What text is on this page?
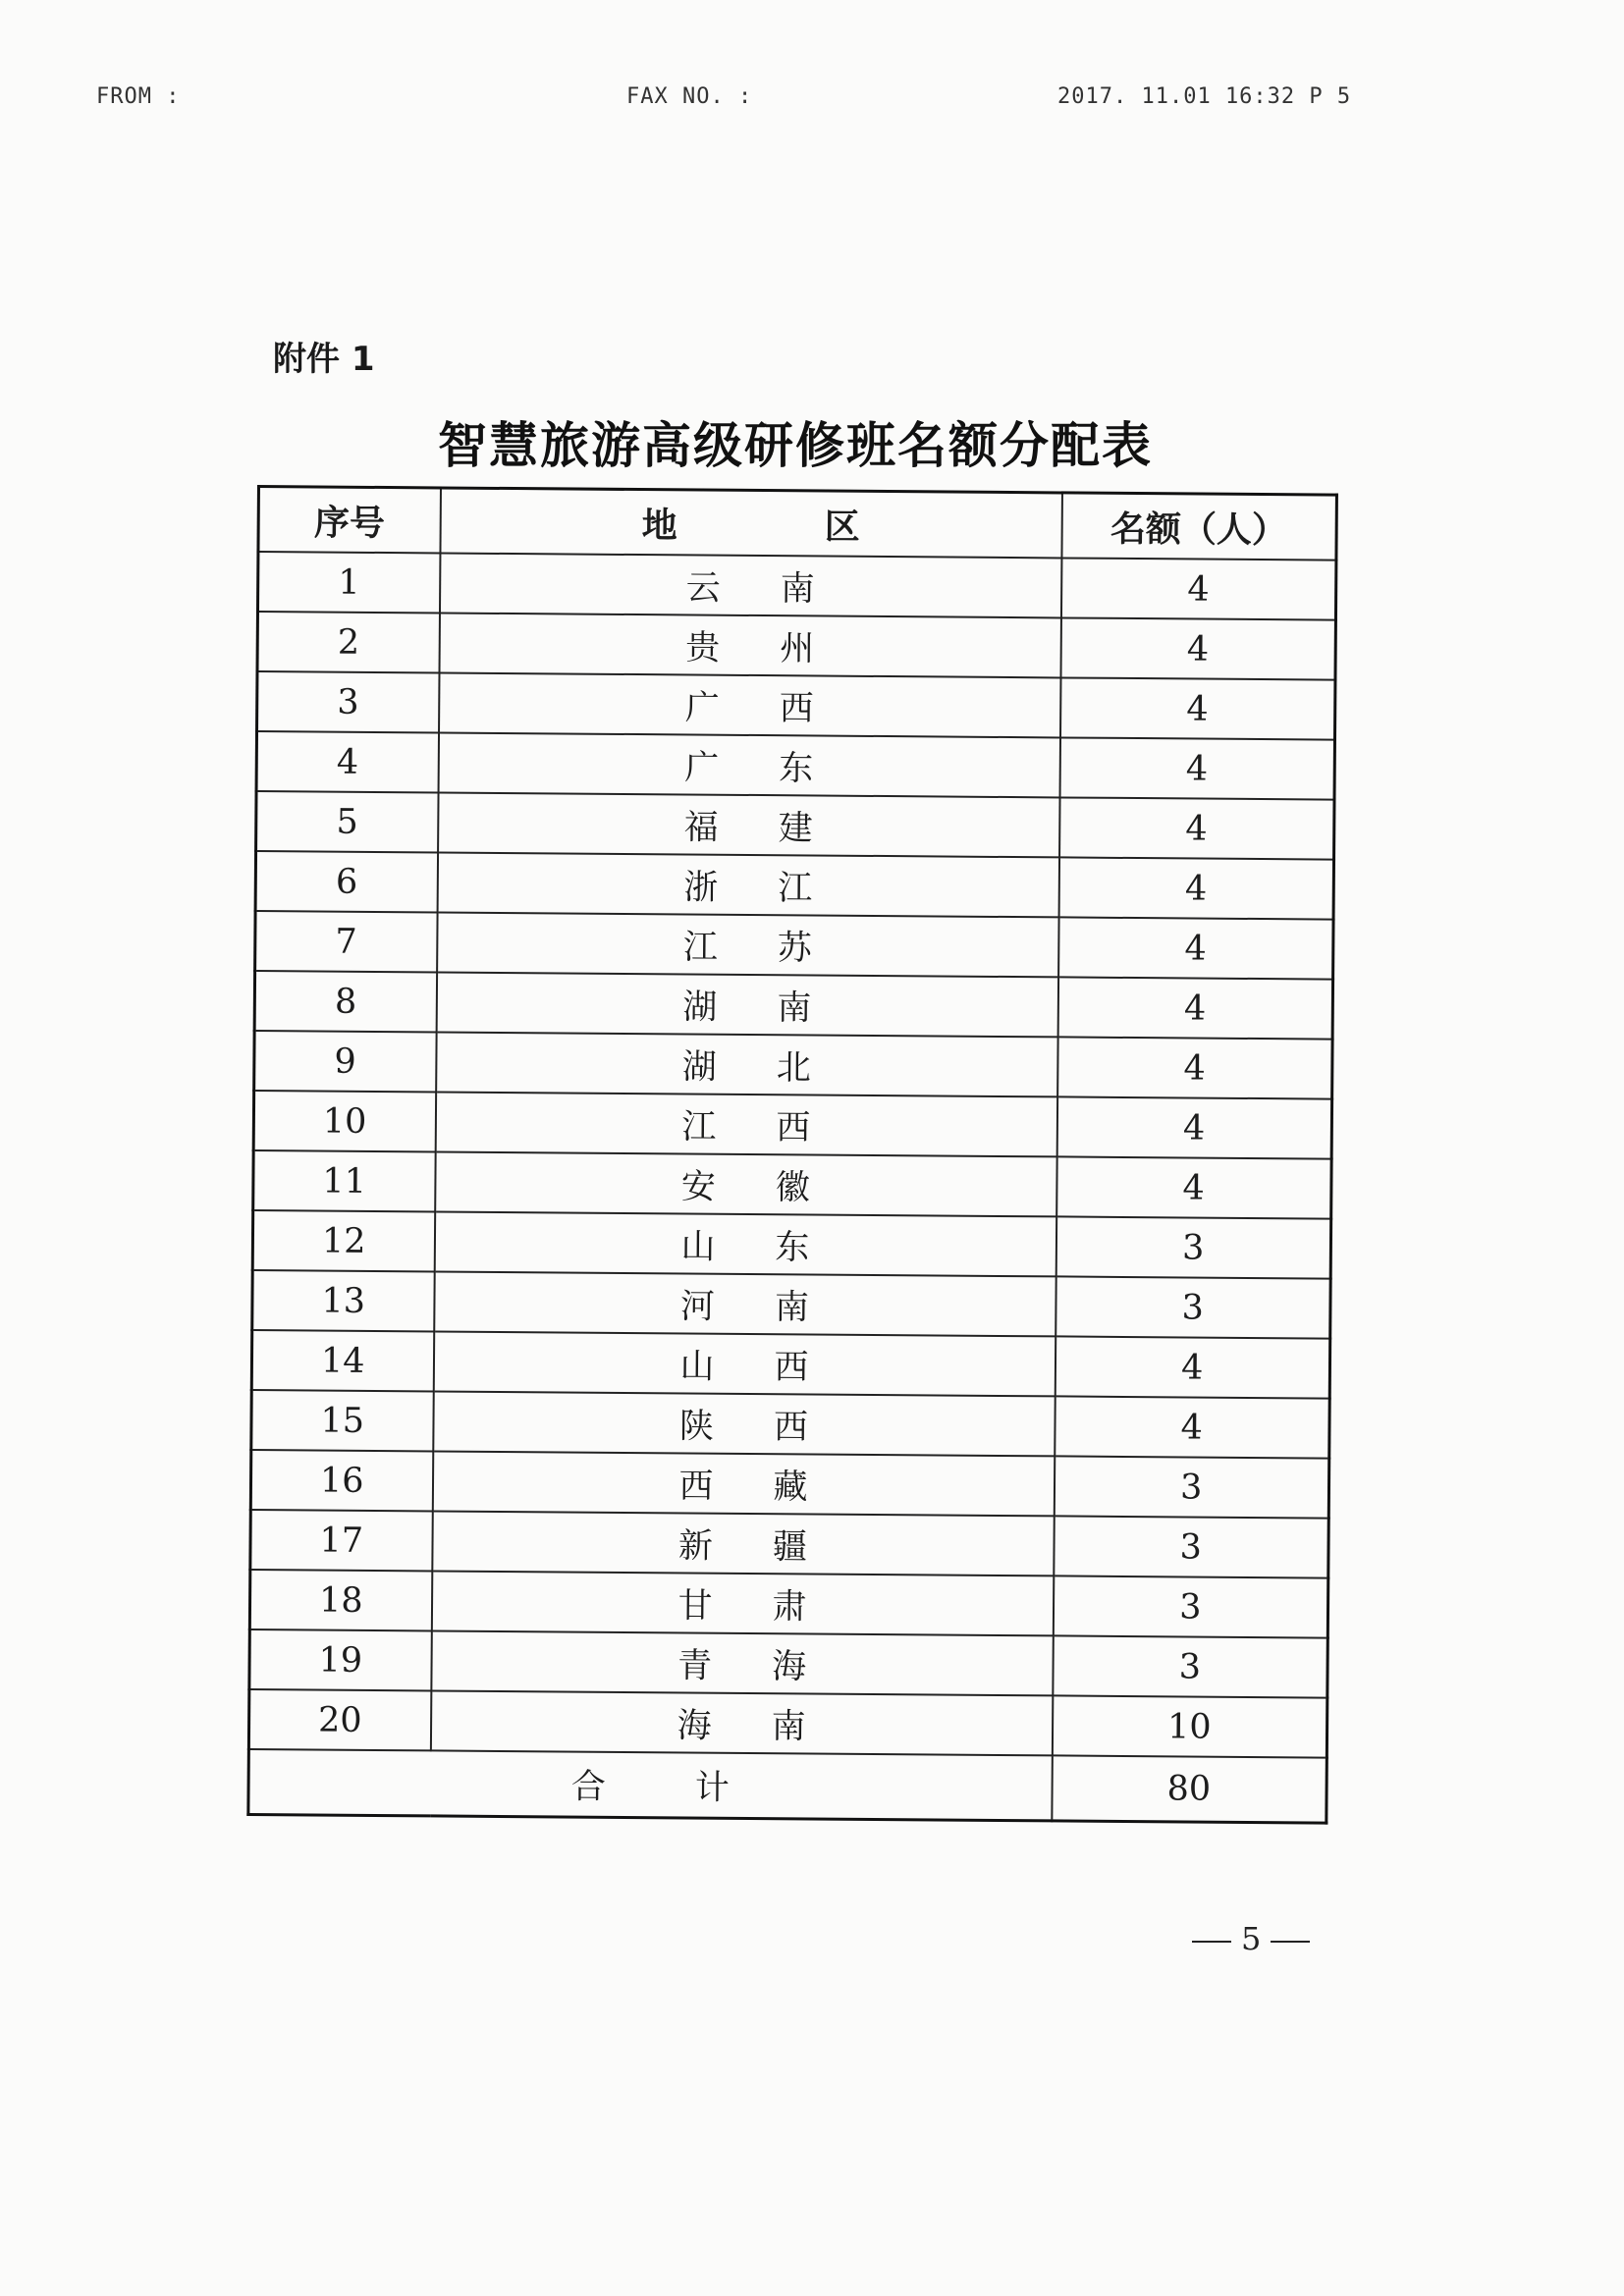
FROM :	FAX NO. :	2017. 11.01 16:32 P 5
附件 1
智慧旅游高级研修班名额分配表
序号	地 区	名额（人）
1	云 南	4
2	贵 州	4
3	广 西	4
4	广 东	4
5	福 建	4
6	浙 江	4
7	江 苏	4
8	湖 南	4
9	湖 北	4
10	江 西	4
11	安 徽	4
12	山 东	3
13	河 南	3
14	山 西	4
15	陕 西	4
16	西 藏	3
17	新 疆	3
18	甘 肃	3
19	青 海	3
20	海 南	10
合 计		80
5
